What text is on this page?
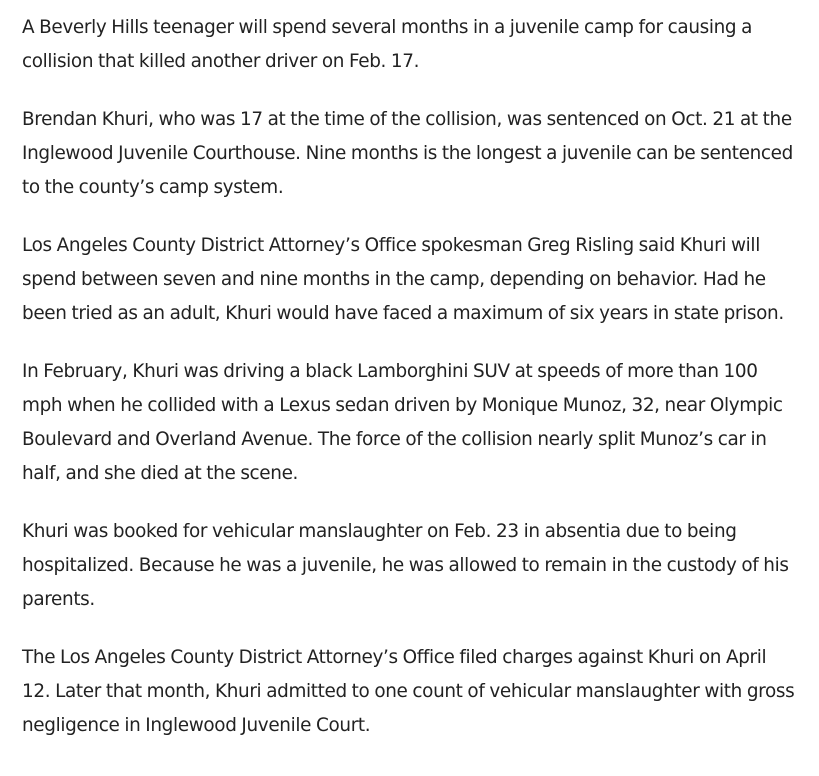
A Beverly Hills teenager will spend several months in a juvenile camp for causing a collision that killed another driver on Feb. 17.

Brendan Khuri, who was 17 at the time of the collision, was sentenced on Oct. 21 at the Inglewood Juvenile Courthouse. Nine months is the longest a juvenile can be sentenced to the county’s camp system.

Los Angeles County District Attorney’s Office spokesman Greg Risling said Khuri will spend between seven and nine months in the camp, depending on behavior. Had he been tried as an adult, Khuri would have faced a maximum of six years in state prison.

In February, Khuri was driving a black Lamborghini SUV at speeds of more than 100 mph when he collided with a Lexus sedan driven by Monique Munoz, 32, near Olympic Boulevard and Overland Avenue. The force of the collision nearly split Munoz’s car in half, and she died at the scene.

Khuri was booked for vehicular manslaughter on Feb. 23 in absentia due to being hospitalized. Because he was a juvenile, he was allowed to remain in the custody of his parents.

The Los Angeles County District Attorney’s Office filed charges against Khuri on April 12. Later that month, Khuri admitted to one count of vehicular manslaughter with gross negligence in Inglewood Juvenile Court.
